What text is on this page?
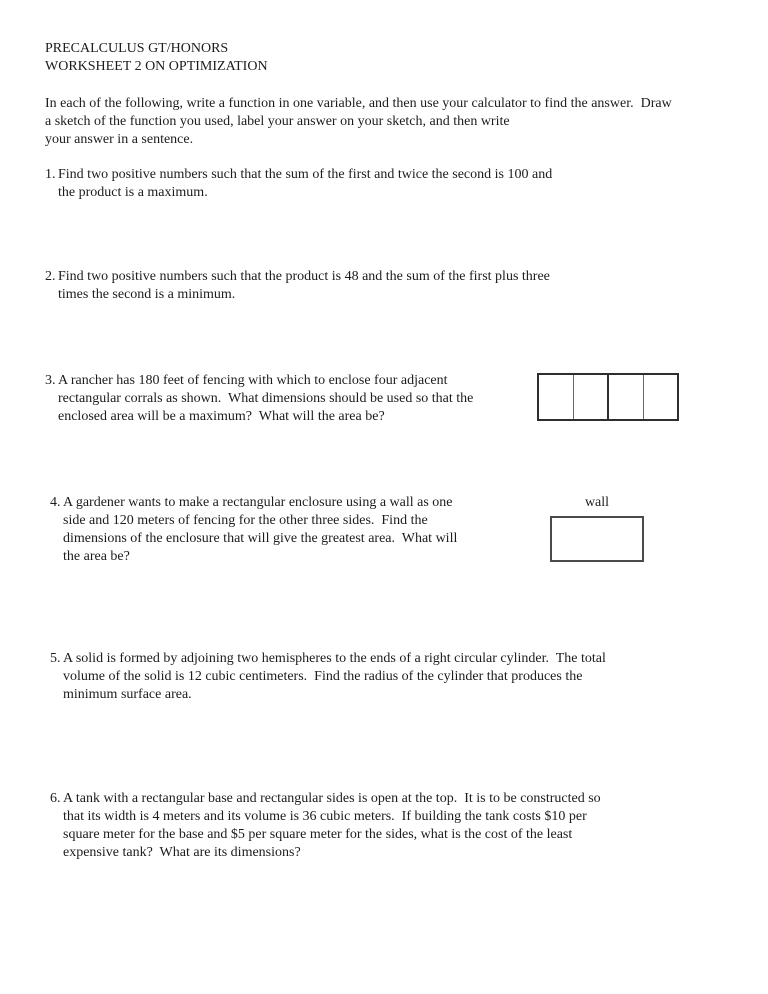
PRECALCULUS GT/HONORS
WORKSHEET 2 ON OPTIMIZATION
In each of the following, write a function in one variable, and then use your calculator to find the answer.  Draw
a sketch of the function you used, label your answer on your sketch, and then write
your answer in a sentence.
1. Find two positive numbers such that the sum of the first and twice the second is 100 and
the product is a maximum.
2. Find two positive numbers such that the product is 48 and the sum of the first plus three
times the second is a minimum.
3. A rancher has 180 feet of fencing with which to enclose four adjacent
rectangular corrals as shown.  What dimensions should be used so that the
enclosed area will be a maximum?  What will the area be?
4. A gardener wants to make a rectangular enclosure using a wall as one
side and 120 meters of fencing for the other three sides.  Find the
dimensions of the enclosure that will give the greatest area.  What will
the area be?
wall
5. A solid is formed by adjoining two hemispheres to the ends of a right circular cylinder.  The total
volume of the solid is 12 cubic centimeters.  Find the radius of the cylinder that produces the
minimum surface area.
6. A tank with a rectangular base and rectangular sides is open at the top.  It is to be constructed so
that its width is 4 meters and its volume is 36 cubic meters.  If building the tank costs $10 per
square meter for the base and $5 per square meter for the sides, what is the cost of the least
expensive tank?  What are its dimensions?
